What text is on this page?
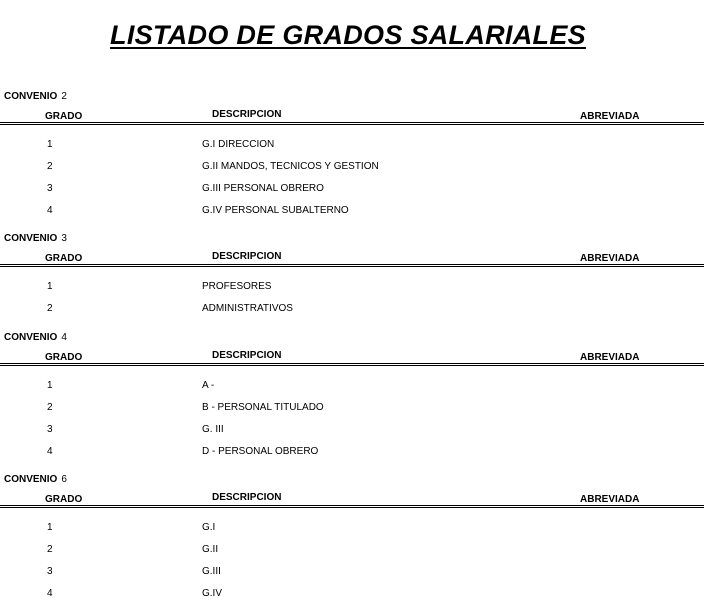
LISTADO DE GRADOS SALARIALES
CONVENIO 2
GRADO	DESCRIPCION	ABREVIADA
1	G.I DIRECCION
2	G.II MANDOS, TECNICOS Y GESTION
3	G.III PERSONAL OBRERO
4	G.IV PERSONAL SUBALTERNO
CONVENIO 3
GRADO	DESCRIPCION	ABREVIADA
1	PROFESORES
2	ADMINISTRATIVOS
CONVENIO 4
GRADO	DESCRIPCION	ABREVIADA
1	A -
2	B - PERSONAL TITULADO
3	G. III
4	D - PERSONAL OBRERO
CONVENIO 6
GRADO	DESCRIPCION	ABREVIADA
1	G.I
2	G.II
3	G.III
4	G.IV
